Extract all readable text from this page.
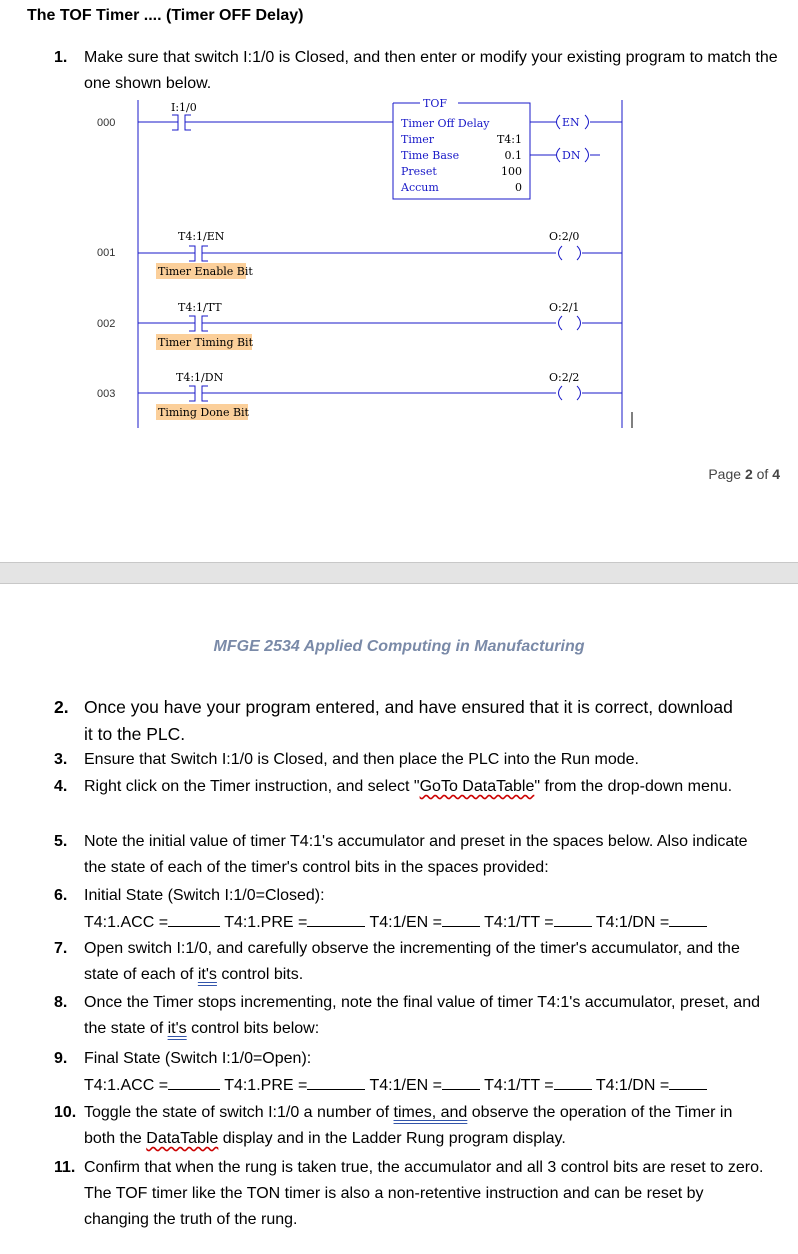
The TOF Timer .... (Timer OFF Delay)
1.	Make sure that switch I:1/0 is Closed, and then enter or modify your existing program to match the one shown below.
000
I:1/0	TOF
Timer Off Delay
Timer	T4:1
Time Base	0.1
Preset	100
Accum	0
EN
DN
001
T4:1/EN
Timer Enable Bit
O:2/0
002
T4:1/TT
Timer Timing Bit
O:2/1
003
T4:1/DN
Timing Done Bit
O:2/2
Page 2 of 4
MFGE 2534 Applied Computing in Manufacturing
2. Once you have your program entered, and have ensured that it is correct, download it to the PLC.
3.	Ensure that Switch I:1/0 is Closed, and then place the PLC into the Run mode.
4.	Right click on the Timer instruction, and select "GoTo DataTable" from the drop-down menu.
5.	Note the initial value of timer T4:1's accumulator and preset in the spaces below. Also indicate the state of each of the timer's control bits in the spaces provided:
6.	Initial State (Switch I:1/0=Closed):
T4:1.ACC =	T4:1.PRE =	T4:1/EN =	T4:1/TT =	T4:1/DN =
7.	Open switch I:1/0, and carefully observe the incrementing of the timer's accumulator, and the state of each of it's control bits.
8.	Once the Timer stops incrementing, note the final value of timer T4:1's accumulator, preset, and the state of it's control bits below:
9.	Final State (Switch I:1/0=Open):
T4:1.ACC =	T4:1.PRE =	T4:1/EN =	T4:1/TT =	T4:1/DN =
10. Toggle the state of switch I:1/0 a number of times, and observe the operation of the Timer in both the DataTable display and in the Ladder Rung program display.
11. Confirm that when the rung is taken true, the accumulator and all 3 control bits are reset to zero. The TOF timer like the TON timer is also a non-retentive instruction and can be reset by changing the truth of the rung.
